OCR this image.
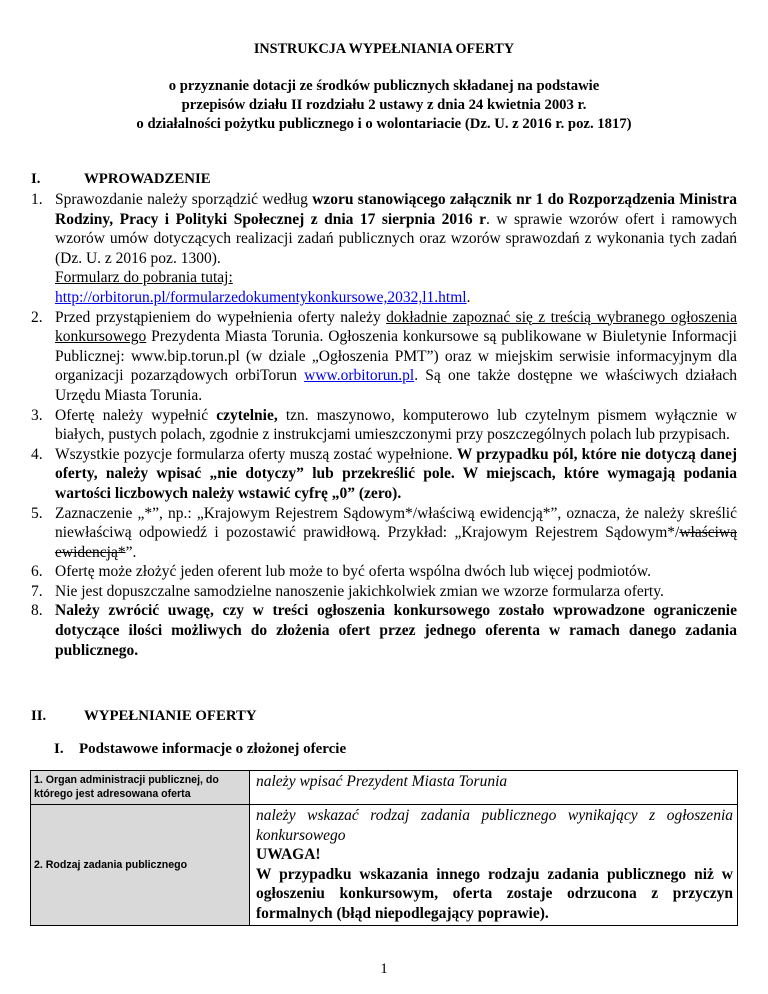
INSTRUKCJA WYPEŁNIANIA OFERTY
o przyznanie dotacji ze środków publicznych składanej na podstawie
przepisów działu II rozdziału 2 ustawy z dnia 24 kwietnia 2003 r.
o działalności pożytku publicznego i o wolontariacie (Dz. U. z 2016 r. poz. 1817)
I.	WPROWADZENIE
1. Sprawozdanie należy sporządzić według wzoru stanowiącego załącznik nr 1 do Rozporządzenia Ministra Rodziny, Pracy i Polityki Społecznej z dnia 17 sierpnia 2016 r. w sprawie wzorów ofert i ramowych wzorów umów dotyczących realizacji zadań publicznych oraz wzorów sprawozdań z wykonania tych zadań (Dz. U. z 2016 poz. 1300).
Formularz do pobrania tutaj:
http://orbitorun.pl/formularzedokumentykonkursowe,2032,l1.html.
2. Przed przystąpieniem do wypełnienia oferty należy dokładnie zapoznać się z treścią wybranego ogłoszenia konkursowego Prezydenta Miasta Torunia. Ogłoszenia konkursowe są publikowane w Biuletynie Informacji Publicznej: www.bip.torun.pl (w dziale „Ogłoszenia PMT”) oraz w miejskim serwisie informacyjnym dla organizacji pozarządowych orbiTorun www.orbitorun.pl. Są one także dostępne we właściwych działach Urzędu Miasta Torunia.
3. Ofertę należy wypełnić czytelnie, tzn. maszynowo, komputerowo lub czytelnym pismem wyłącznie w białych, pustych polach, zgodnie z instrukcjami umieszczonymi przy poszczególnych polach lub przypisach.
4. Wszystkie pozycje formularza oferty muszą zostać wypełnione. W przypadku pól, które nie dotyczą danej oferty, należy wpisać „nie dotyczy” lub przekreślić pole. W miejscach, które wymagają podania wartości liczbowych należy wstawić cyfrę „0” (zero).
5. Zaznaczenie „*”, np.: „Krajowym Rejestrem Sądowym*/właściwą ewidencją*”, oznacza, że należy skreślić niewłaściwą odpowiedź i pozostawić prawidłową. Przykład: „Krajowym Rejestrem Sądowym*/właściwą ewidencją*”.
6. Ofertę może złożyć jeden oferent lub może to być oferta wspólna dwóch lub więcej podmiotów.
7. Nie jest dopuszczalne samodzielne nanoszenie jakichkolwiek zmian we wzorze formularza oferty.
8. Należy zwrócić uwagę, czy w treści ogłoszenia konkursowego zostało wprowadzone ograniczenie dotyczące ilości możliwych do złożenia ofert przez jednego oferenta w ramach danego zadania publicznego.
II.	WYPEŁNIANIE OFERTY
I. Podstawowe informacje o złożonej ofercie
1. Organ administracji publicznej, do którego jest adresowana oferta	należy wpisać Prezydent Miasta Torunia
2. Rodzaj zadania publicznego	należy wskazać rodzaj zadania publicznego wynikający z ogłoszenia konkursowego
UWAGA!
W przypadku wskazania innego rodzaju zadania publicznego niż w ogłoszeniu konkursowym, oferta zostaje odrzucona z przyczyn formalnych (błąd niepodlegający poprawie).
1
